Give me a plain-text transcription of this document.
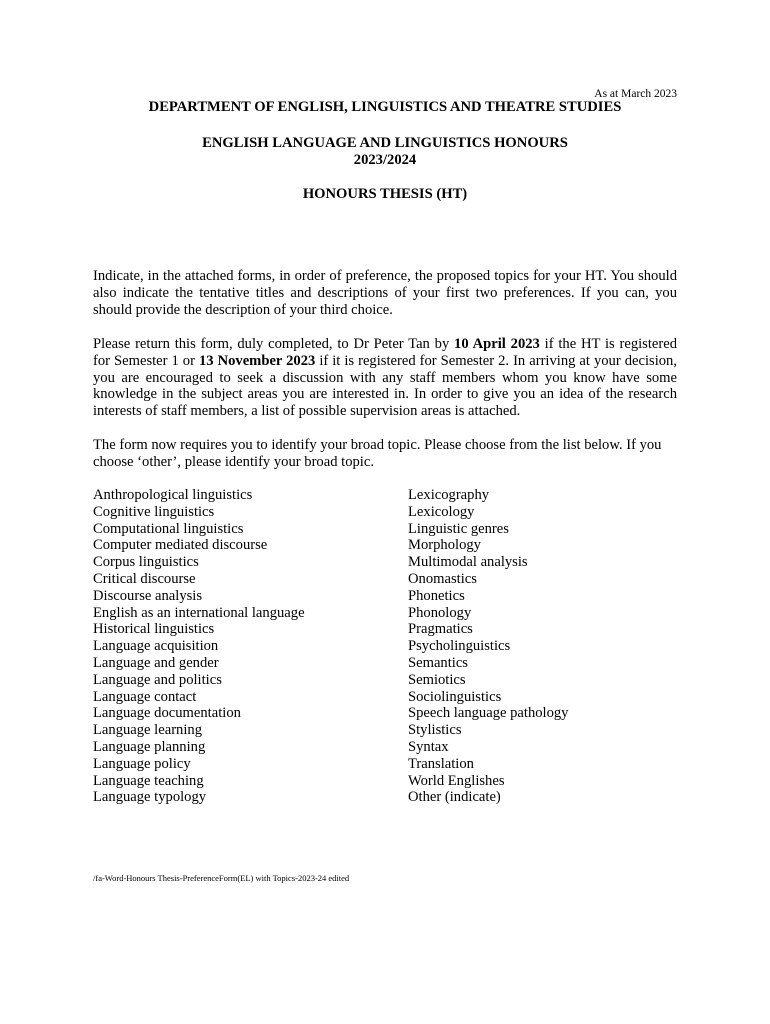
As at March 2023
DEPARTMENT OF ENGLISH, LINGUISTICS AND THEATRE STUDIES
ENGLISH LANGUAGE AND LINGUISTICS HONOURS
2023/2024
HONOURS THESIS (HT)

Indicate, in the attached forms, in order of preference, the proposed topics for your HT. You should also indicate the tentative titles and descriptions of your first two preferences. If you can, you should provide the description of your third choice.

Please return this form, duly completed, to Dr Peter Tan by 10 April 2023 if the HT is registered for Semester 1 or 13 November 2023 if it is registered for Semester 2. In arriving at your decision, you are encouraged to seek a discussion with any staff members whom you know have some knowledge in the subject areas you are interested in. In order to give you an idea of the research interests of staff members, a list of possible supervision areas is attached.

The form now requires you to identify your broad topic. Please choose from the list below. If you choose ‘other’, please identify your broad topic.

Anthropological linguistics
Cognitive linguistics
Computational linguistics
Computer mediated discourse
Corpus linguistics
Critical discourse
Discourse analysis
English as an international language
Historical linguistics
Language acquisition
Language and gender
Language and politics
Language contact
Language documentation
Language learning
Language planning
Language policy
Language teaching
Language typology
Lexicography
Lexicology
Linguistic genres
Morphology
Multimodal analysis
Onomastics
Phonetics
Phonology
Pragmatics
Psycholinguistics
Semantics
Semiotics
Sociolinguistics
Speech language pathology
Stylistics
Syntax
Translation
World Englishes
Other (indicate)
/fa-Word-Honours Thesis-PreferenceForm(EL) with Topics-2023-24 edited
